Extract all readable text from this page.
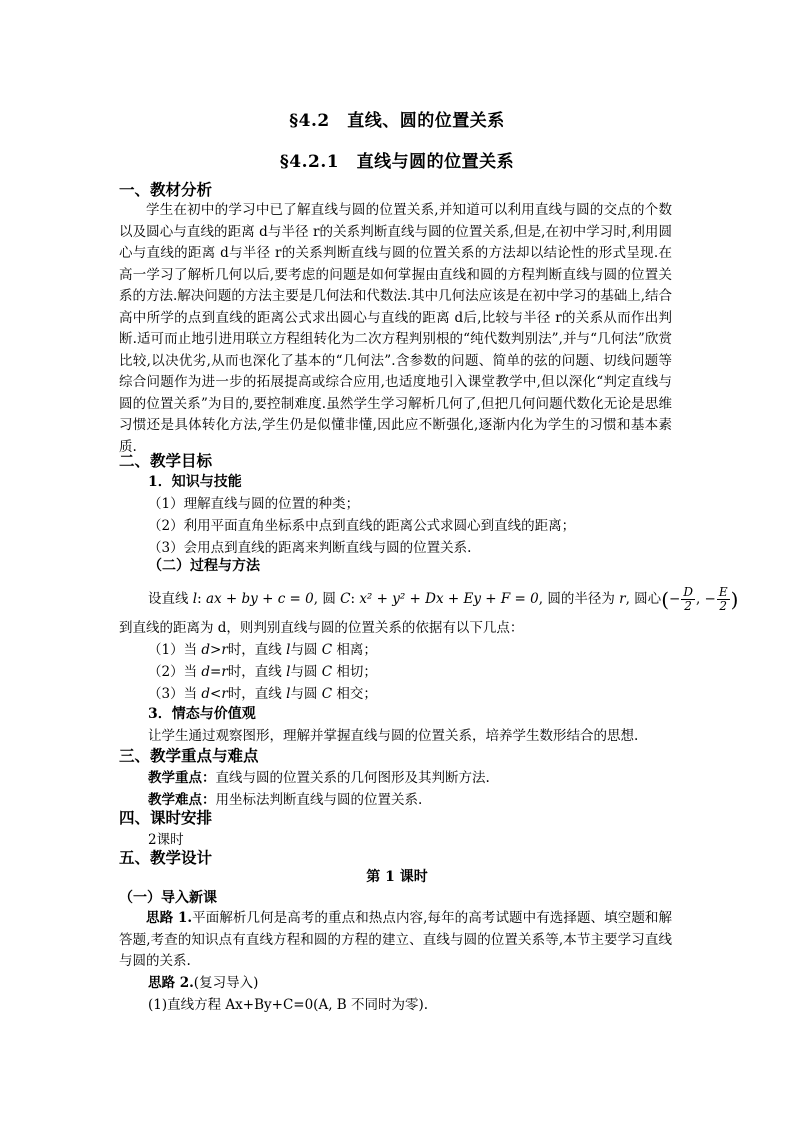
§4.2　直线、圆的位置关系
§4.2.1　直线与圆的位置关系
一、教材分析
学生在初中的学习中已了解直线与圆的位置关系,并知道可以利用直线与圆的交点的个数以及圆心与直线的距离 d与半径 r的关系判断直线与圆的位置关系,但是,在初中学习时,利用圆心与直线的距离 d与半径 r的关系判断直线与圆的位置关系的方法却以结论性的形式呈现.在高一学习了解析几何以后,要考虑的问题是如何掌握由直线和圆的方程判断直线与圆的位置关系的方法.解决问题的方法主要是几何法和代数法.其中几何法应该是在初中学习的基础上,结合高中所学的点到直线的距离公式求出圆心与直线的距离 d后,比较与半径 r的关系从而作出判断.适可而止地引进用联立方程组转化为二次方程判别根的“纯代数判别法”,并与“几何法”欣赏比较,以决优劣,从而也深化了基本的“几何法”.含参数的问题、简单的弦的问题、切线问题等综合问题作为进一步的拓展提高或综合应用,也适度地引入课堂教学中,但以深化“判定直线与圆的位置关系”为目的,要控制难度.虽然学生学习解析几何了,但把几何问题代数化无论是思维习惯还是具体转化方法,学生仍是似懂非懂,因此应不断强化,逐渐内化为学生的习惯和基本素质.
二、教学目标
1．知识与技能
（1）理解直线与圆的位置的种类；
（2）利用平面直角坐标系中点到直线的距离公式求圆心到直线的距离；
（3）会用点到直线的距离来判断直线与圆的位置关系.
（二）过程与方法
设直线 l: ax + by + c = 0, 圆 C: x² + y² + Dx + Ey + F = 0, 圆的半径为 r, 圆心(− $\frac{D}{2}$ , − $\frac{E}{2}$ )
到直线的距离为 d，则判别直线与圆的位置关系的依据有以下几点：
（1）当 d>r时，直线 l与圆 C 相离；
（2）当 d=r时，直线 l与圆 C 相切；
（3）当 d<r时，直线 l与圆 C 相交；
3．情态与价值观
让学生通过观察图形，理解并掌握直线与圆的位置关系，培养学生数形结合的思想.
三、教学重点与难点
教学重点：直线与圆的位置关系的几何图形及其判断方法.
教学难点：用坐标法判断直线与圆的位置关系.
四、课时安排
2课时
五、教学设计
第 1 课时
（一）导入新课
思路 1.平面解析几何是高考的重点和热点内容,每年的高考试题中有选择题、填空题和解答题,考查的知识点有直线方程和圆的方程的建立、直线与圆的位置关系等,本节主要学习直线与圆的关系.
思路 2.(复习导入)
(1)直线方程 Ax+By+C=0(A, B 不同时为零).
